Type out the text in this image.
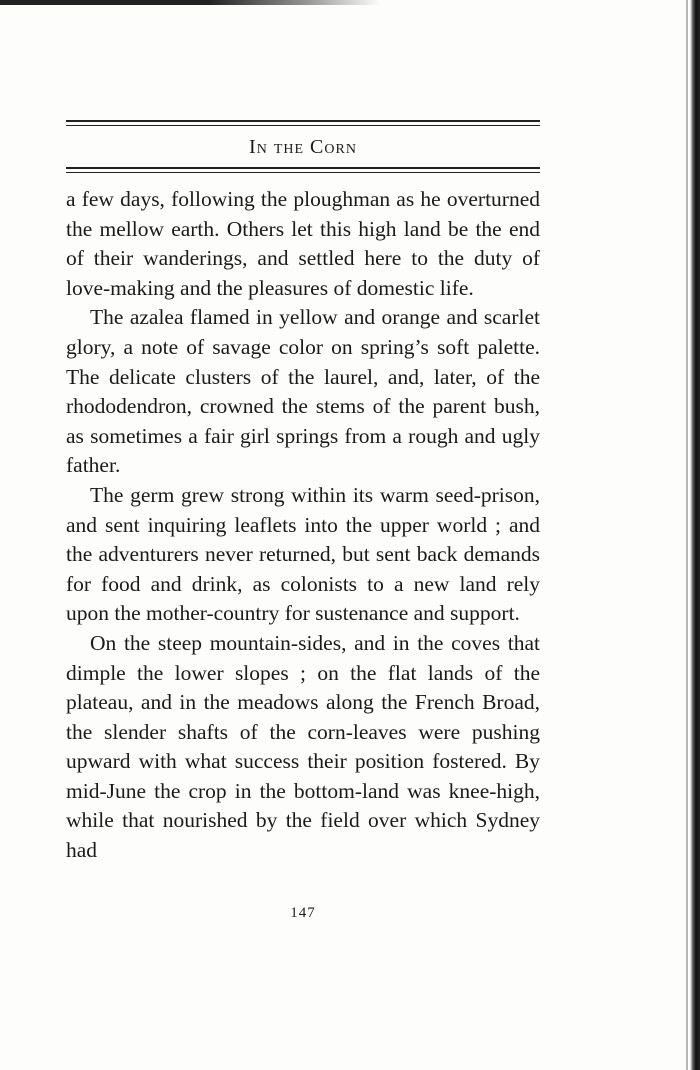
In the Corn

a few days, following the ploughman as he overturned the mellow earth. Others let this high land be the end of their wanderings, and settled here to the duty of love-making and the pleasures of domestic life.

The azalea flamed in yellow and orange and scarlet glory, a note of savage color on spring’s soft palette. The delicate clusters of the laurel, and, later, of the rhododendron, crowned the stems of the parent bush, as sometimes a fair girl springs from a rough and ugly father.

The germ grew strong within its warm seed-prison, and sent inquiring leaflets into the upper world ; and the adventurers never returned, but sent back demands for food and drink, as colonists to a new land rely upon the mother-country for sustenance and support.

On the steep mountain-sides, and in the coves that dimple the lower slopes ; on the flat lands of the plateau, and in the meadows along the French Broad, the slender shafts of the corn-leaves were pushing upward with what success their position fostered. By mid-June the crop in the bottom-land was knee-high, while that nourished by the field over which Sydney had

147
